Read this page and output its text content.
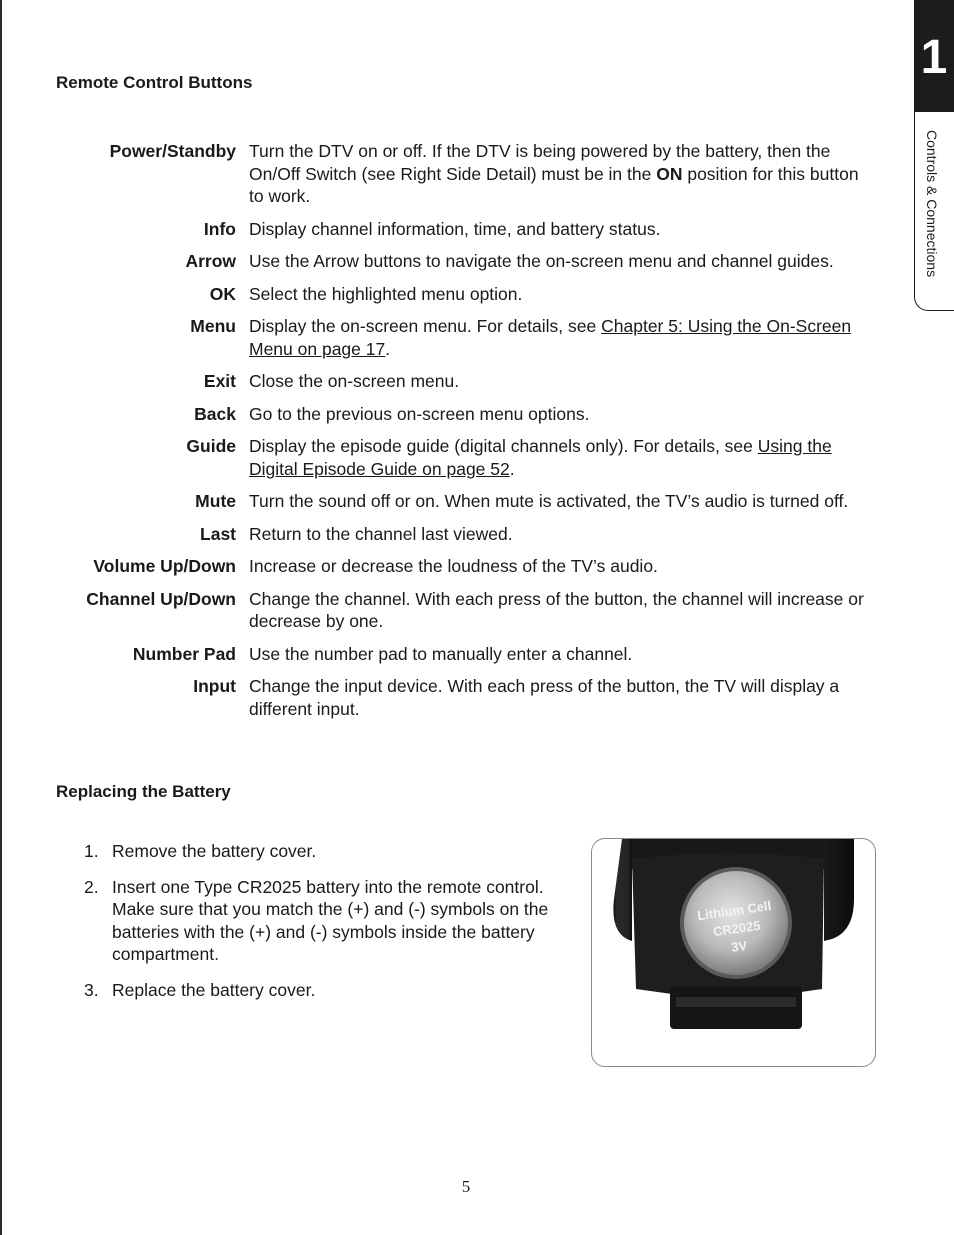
1
Controls & Connections
Remote Control Buttons
Power/Standby Turn the DTV on or off. If the DTV is being powered by the battery, then the On/Off Switch (see Right Side Detail) must be in the ON position for this button to work.
Info Display channel information, time, and battery status.
Arrow Use the Arrow buttons to navigate the on-screen menu and channel guides.
OK Select the highlighted menu option.
Menu Display the on-screen menu. For details, see Chapter 5: Using the On-Screen Menu on page 17.
Exit Close the on-screen menu.
Back Go to the previous on-screen menu options.
Guide Display the episode guide (digital channels only). For details, see Using the Digital Episode Guide on page 52.
Mute Turn the sound off or on. When mute is activated, the TV’s audio is turned off.
Last Return to the channel last viewed.
Volume Up/Down Increase or decrease the loudness of the TV’s audio.
Channel Up/Down Change the channel. With each press of the button, the channel will increase or decrease by one.
Number Pad Use the number pad to manually enter a channel.
Input Change the input device. With each press of the button, the TV will display a different input.
Replacing the Battery
1. Remove the battery cover.
2. Insert one Type CR2025 battery into the remote control. Make sure that you match the (+) and (-) symbols on the batteries with the (+) and (-) symbols inside the battery compartment.
3. Replace the battery cover.
Lithium Cell
CR2025
3V
5
